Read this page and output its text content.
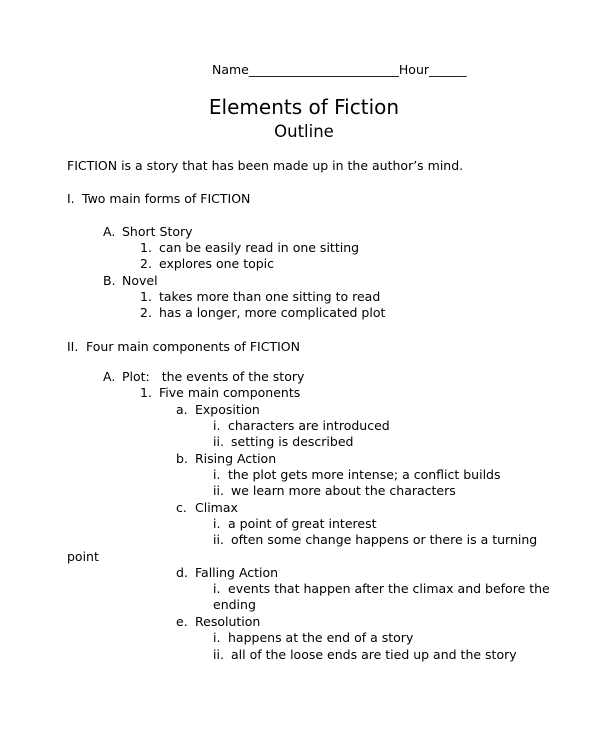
Name________________________Hour______
Elements of Fiction
Outline
FICTION is a story that has been made up in the author’s mind.
I. Two main forms of FICTION
A. Short Story
1. can be easily read in one sitting
2. explores one topic
B. Novel
1. takes more than one sitting to read
2. has a longer, more complicated plot
II. Four main components of FICTION
A. Plot:   the events of the story
1. Five main components
a. Exposition
i. characters are introduced
ii. setting is described
b. Rising Action
i. the plot gets more intense; a conflict builds
ii. we learn more about the characters
c. Climax
i. a point of great interest
ii. often some change happens or there is a turning
point
d. Falling Action
i. events that happen after the climax and before the
ending
e. Resolution
i. happens at the end of a story
ii. all of the loose ends are tied up and the story
